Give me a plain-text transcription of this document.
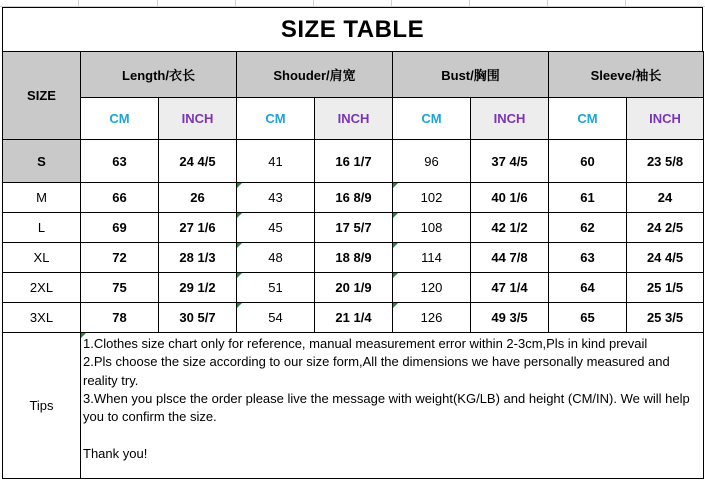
SIZE TABLE
SIZE	Length/衣长		Shouder/肩宽		Bust/胸围		Sleeve/袖长	
	CM	INCH	CM	INCH	CM	INCH	CM	INCH
S	63	24 4/5	41	16 1/7	96	37 4/5	60	23 5/8
M	66	26	43	16 8/9	102	40 1/6	61	24
L	69	27 1/6	45	17 5/7	108	42 1/2	62	24 2/5
XL	72	28 1/3	48	18 8/9	114	44 7/8	63	24 4/5
2XL	75	29 1/2	51	20 1/9	120	47 1/4	64	25 1/5
3XL	78	30 5/7	54	21 1/4	126	49 3/5	65	25 3/5
Tips	1.Clothes size chart only for reference, manual measurement error within 2-3cm,Pls in kind prevail
2.Pls choose the size according to our size form,All the dimensions we have personally measured and reality try.
3.When you plsce the order please live the message with weight(KG/LB) and height (CM/IN). We will help you to confirm the size.

Thank you!							
